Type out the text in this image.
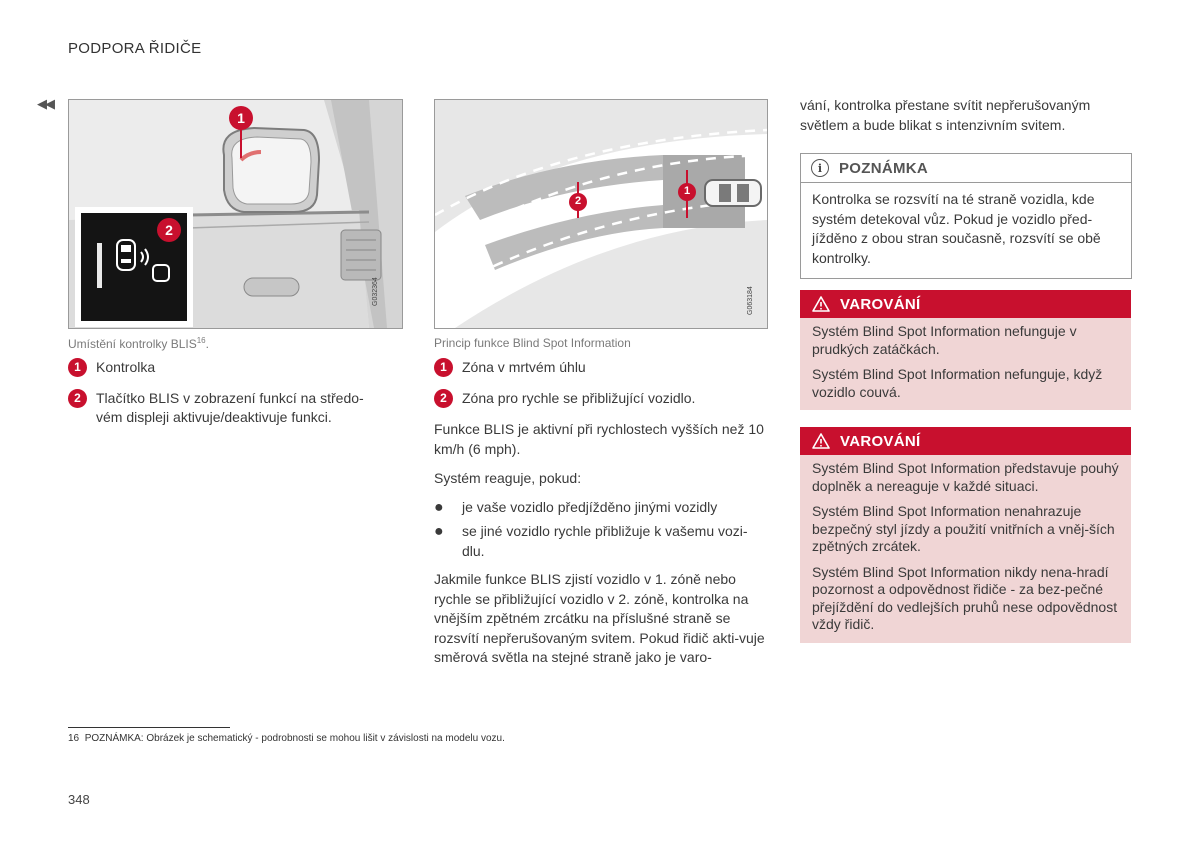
PODPORA ŘIDIČE
◀◀
1
2
G032364
Umístění kontrolky BLIS$^{16}$.
1	Kontrolka
2	Tlačítko BLIS v zobrazení funkcí na středo-vém displeji aktivuje/deaktivuje funkci.
1
2
G063184
Princip funkce Blind Spot Information
1	Zóna v mrtvém úhlu
2	Zóna pro rychle se přibližující vozidlo.
Funkce BLIS je aktivní při rychlostech vyšších než 10 km/h (6 mph).
Systém reaguje, pokud:
●	je vaše vozidlo předjížděno jinými vozidly
●	se jiné vozidlo rychle přibližuje k vašemu vozi-dlu.
Jakmile funkce BLIS zjistí vozidlo v 1. zóně nebo rychle se přibližující vozidlo v 2. zóně, kontrolka na vnějším zpětném zrcátku na příslušné straně se rozsvítí nepřerušovaným svitem. Pokud řidič akti-vuje směrová světla na stejné straně jako je varo-
vání, kontrolka přestane svítit nepřerušovaným světlem a bude blikat s intenzivním svitem.
i	POZNÁMKA
Kontrolka se rozsvítí na té straně vozidla, kde systém detekoval vůz. Pokud je vozidlo před-jížděno z obou stran současně, rozsvítí se obě kontrolky.
VAROVÁNÍ

Systém Blind Spot Information nefunguje v prudkých zatáčkách.

Systém Blind Spot Information nefunguje, když vozidlo couvá.

VAROVÁNÍ

Systém Blind Spot Information představuje pouhý doplněk a nereaguje v každé situaci.

Systém Blind Spot Information nenahrazuje bezpečný styl jízdy a použití vnitřních a vněj-ších zpětných zrcátek.

Systém Blind Spot Information nikdy nena-hradí pozornost a odpovědnost řidiče - za bez-pečné přejíždění do vedlejších pruhů nese odpovědnost vždy řidič.

16 POZNÁMKA: Obrázek je schematický - podrobnosti se mohou lišit v závislosti na modelu vozu.
348
